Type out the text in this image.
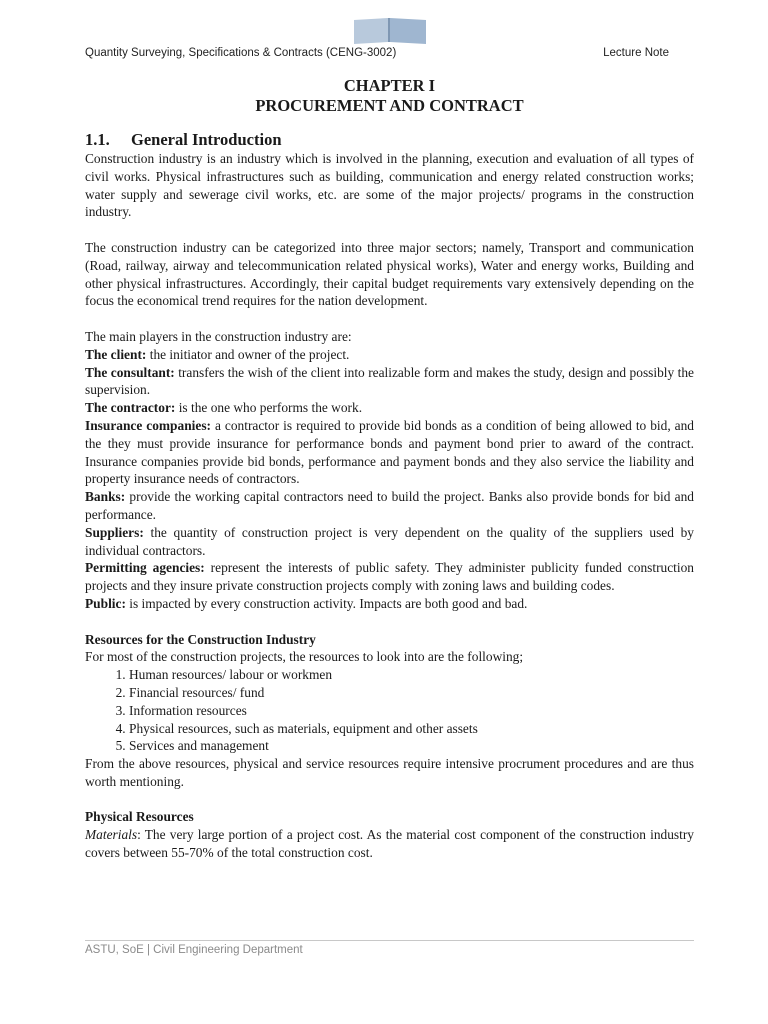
Quantity Surveying, Specifications & Contracts (CENG-3002)	Lecture Note
CHAPTER I
PROCUREMENT AND CONTRACT
1.1. General Introduction

Construction industry is an industry which is involved in the planning, execution and evaluation of all types of civil works. Physical infrastructures such as building, communication and energy related construction works; water supply and sewerage civil works, etc. are some of the major projects/ programs in the construction industry.

The construction industry can be categorized into three major sectors; namely, Transport and communication (Road, railway, airway and telecommunication related physical works), Water and energy works, Building and other physical infrastructures. Accordingly, their capital budget requirements vary extensively depending on the focus the economical trend requires for the nation development.

The main players in the construction industry are:

The client: the initiator and owner of the project.

The consultant: transfers the wish of the client into realizable form and makes the study, design and possibly the supervision.

The contractor: is the one who performs the work.

Insurance companies: a contractor is required to provide bid bonds as a condition of being allowed to bid, and the they must provide insurance for performance bonds and payment bond prier to award of the contract. Insurance companies provide bid bonds, performance and payment bonds and they also service the liability and property insurance needs of contractors.

Banks: provide the working capital contractors need to build the project. Banks also provide bonds for bid and performance.

Suppliers: the quantity of construction project is very dependent on the quality of the suppliers used by individual contractors.

Permitting agencies: represent the interests of public safety. They administer publicity funded construction projects and they insure private construction projects comply with zoning laws and building codes.

Public: is impacted by every construction activity. Impacts are both good and bad.

Resources for the Construction Industry

For most of the construction projects, the resources to look into are the following;

1. Human resources/ labour or workmen
2. Financial resources/ fund
3. Information resources
4. Physical resources, such as materials, equipment and other assets
5. Services and management

From the above resources, physical and service resources require intensive procrument procedures and are thus worth mentioning.

Physical Resources

Materials: The very large portion of a project cost. As the material cost component of the construction industry covers between 55-70% of the total construction cost.

ASTU, SoE | Civil Engineering Department
